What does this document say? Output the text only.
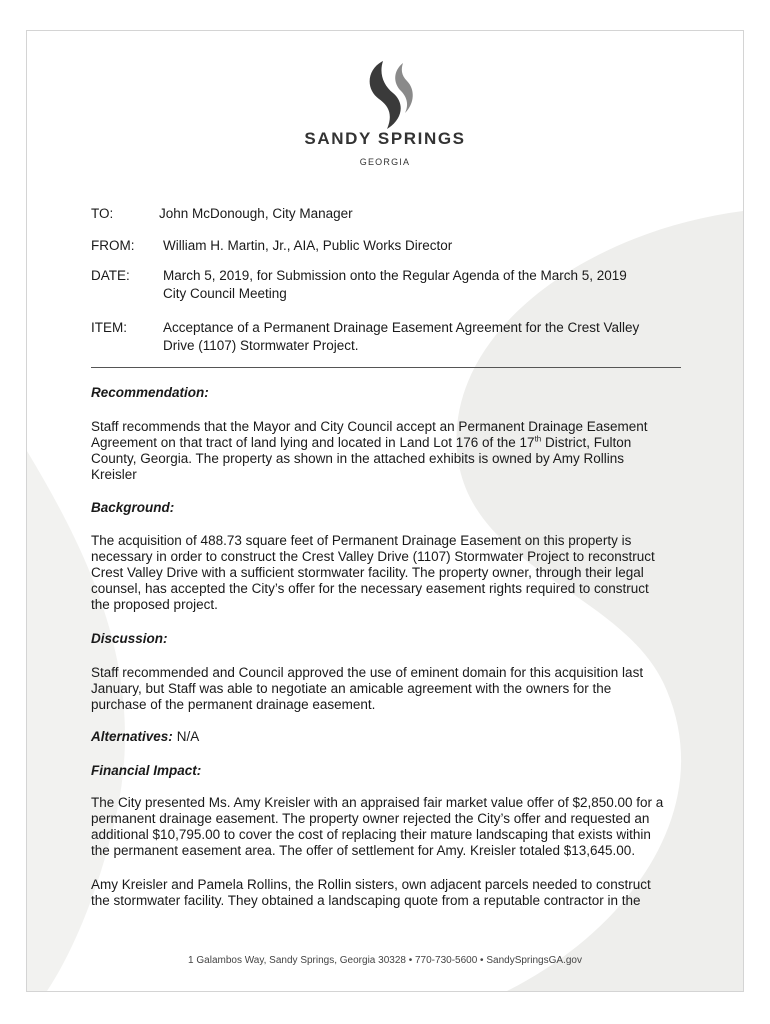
SANDY SPRINGS
GEORGIA
TO:	John McDonough, City Manager
FROM: William H. Martin, Jr., AIA, Public Works Director
DATE: March 5, 2019, for Submission onto the Regular Agenda of the March 5, 2019
City Council Meeting
ITEM:	Acceptance of a Permanent Drainage Easement Agreement for the Crest Valley
Drive (1107) Stormwater Project.
Recommendation:
Staff recommends that the Mayor and City Council accept an Permanent Drainage Easement
Agreement on that tract of land lying and located in Land Lot 176 of the 17th District, Fulton
County, Georgia. The property as shown in the attached exhibits is owned by Amy Rollins
Kreisler
Background:
The acquisition of 488.73 square feet of Permanent Drainage Easement on this property is
necessary in order to construct the Crest Valley Drive (1107) Stormwater Project to reconstruct
Crest Valley Drive with a sufficient stormwater facility. The property owner, through their legal
counsel, has accepted the City’s offer for the necessary easement rights required to construct
the proposed project.
Discussion:
Staff recommended and Council approved the use of eminent domain for this acquisition last
January, but Staff was able to negotiate an amicable agreement with the owners for the
purchase of the permanent drainage easement.
Alternatives: N/A
Financial Impact:
The City presented Ms. Amy Kreisler with an appraised fair market value offer of $2,850.00 for a
permanent drainage easement. The property owner rejected the City’s offer and requested an
additional $10,795.00 to cover the cost of replacing their mature landscaping that exists within
the permanent easement area. The offer of settlement for Amy. Kreisler totaled $13,645.00.
Amy Kreisler and Pamela Rollins, the Rollin sisters, own adjacent parcels needed to construct
the stormwater facility. They obtained a landscaping quote from a reputable contractor in the
1 Galambos Way, Sandy Springs, Georgia 30328 • 770-730-5600 • SandySpringsGA.gov
